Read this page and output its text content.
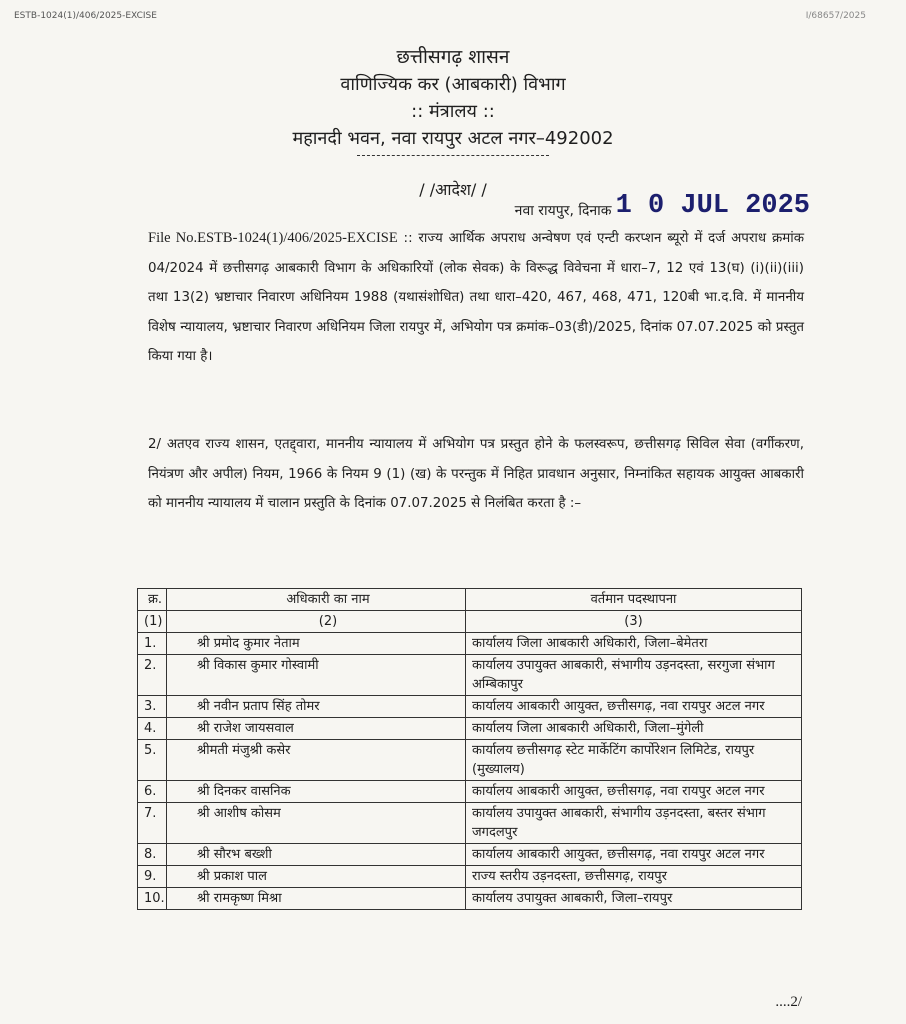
ESTB-1024(1)/406/2025-EXCISE	I/68657/2025
छत्तीसगढ़ शासन
वाणिज्यिक कर (आबकारी) विभाग
:: मंत्रालय ::
महानदी भवन, नवा रायपुर अटल नगर–492002
/ /आदेश/ /
नवा रायपुर, दिनाक 1 0 JUL 2025
File No.ESTB-1024(1)/406/2025-EXCISE :: राज्य आर्थिक अपराध अन्वेषण एवं एन्टी करप्शन ब्यूरो में दर्ज अपराध क्रमांक 04/2024 में छत्तीसगढ़ आबकारी विभाग के अधिकारियों (लोक सेवक) के विरूद्ध विवेचना में धारा–7, 12 एवं 13(घ) (i)(ii)(iii) तथा 13(2) भ्रष्टाचार निवारण अधिनियम 1988 (यथासंशोधित) तथा धारा–420, 467, 468, 471, 120बी भा.द.वि. में माननीय विशेष न्यायालय, भ्रष्टाचार निवारण अधिनियम जिला रायपुर में, अभियोग पत्र क्रमांक–03(डी)/2025, दिनांक 07.07.2025 को प्रस्तुत किया गया है।
2/ अतएव राज्य शासन, एतद्द्वारा, माननीय न्यायालय में अभियोग पत्र प्रस्तुत होने के फलस्वरूप, छत्तीसगढ़ सिविल सेवा (वर्गीकरण, नियंत्रण और अपील) नियम, 1966 के नियम 9 (1) (ख) के परन्तुक में निहित प्रावधान अनुसार, निम्नांकित सहायक आयुक्त आबकारी को माननीय न्यायालय में चालान प्रस्तुति के दिनांक 07.07.2025 से निलंबित करता है :–
क्र.	अधिकारी का नाम	वर्तमान पदस्थापना
(1)	(2)	(3)
1.	श्री प्रमोद कुमार नेताम	कार्यालय जिला आबकारी अधिकारी, जिला–बेमेतरा
2.	श्री विकास कुमार गोस्वामी	कार्यालय उपायुक्त आबकारी, संभागीय उड़नदस्ता, सरगुजा संभाग अम्बिकापुर
3.	श्री नवीन प्रताप सिंह तोमर	कार्यालय आबकारी आयुक्त, छत्तीसगढ़, नवा रायपुर अटल नगर
4.	श्री राजेश जायसवाल	कार्यालय जिला आबकारी अधिकारी, जिला–मुंगेली
5.	श्रीमती मंजुश्री कसेर	कार्यालय छत्तीसगढ़ स्टेट मार्केटिंग कार्पोरेशन लिमिटेड, रायपुर (मुख्यालय)
6.	श्री दिनकर वासनिक	कार्यालय आबकारी आयुक्त, छत्तीसगढ़, नवा रायपुर अटल नगर
7.	श्री आशीष कोसम	कार्यालय उपायुक्त आबकारी, संभागीय उड़नदस्ता, बस्तर संभाग जगदलपुर
8.	श्री सौरभ बख्शी	कार्यालय आबकारी आयुक्त, छत्तीसगढ़, नवा रायपुर अटल नगर
9.	श्री प्रकाश पाल	राज्य स्तरीय उड़नदस्ता, छत्तीसगढ़, रायपुर
10.	श्री रामकृष्ण मिश्रा	कार्यालय उपायुक्त आबकारी, जिला–रायपुर
....2/
